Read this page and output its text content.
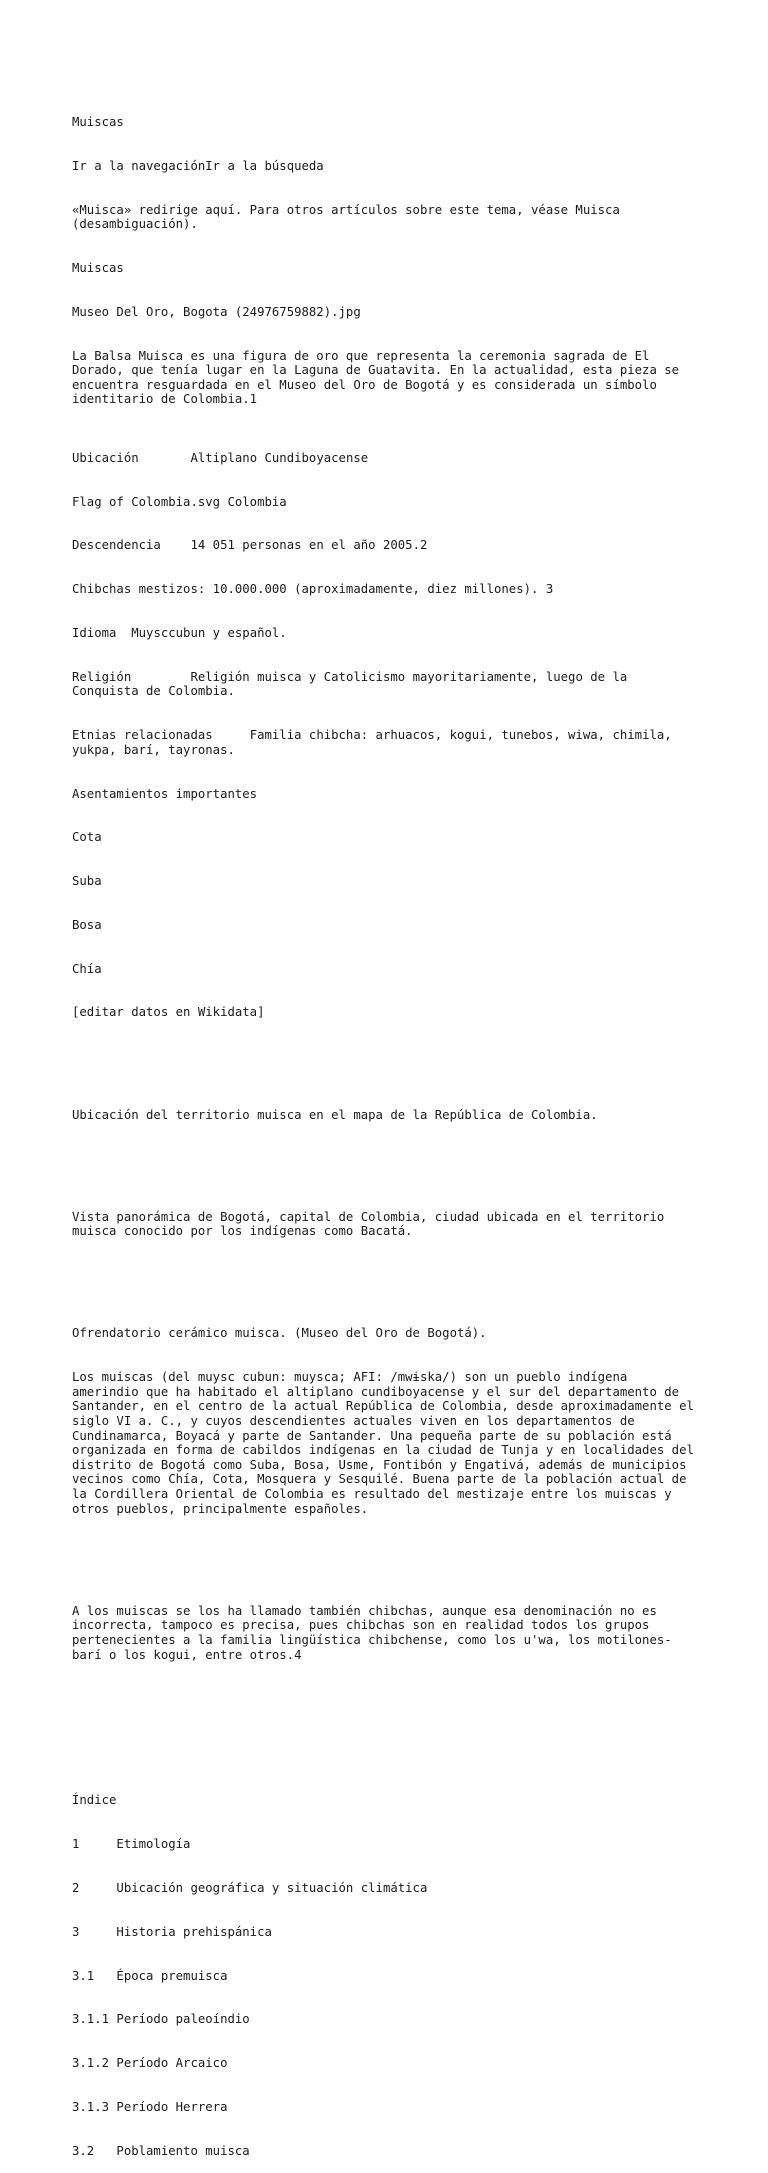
Muiscas

Ir a la navegaciónIr a la búsqueda

«Muisca» redirige aquí. Para otros artículos sobre este tema, véase Muisca (desambiguación).

Muiscas

Museo Del Oro, Bogota (24976759882).jpg

La Balsa Muisca es una figura de oro que representa la ceremonia sagrada de El Dorado, que tenía lugar en la Laguna de Guatavita. En la actualidad, esta pieza se encuentra resguardada en el Museo del Oro de Bogotá y es considerada un símbolo identitario de Colombia.1

Ubicación	Altiplano Cundiboyacense

Flag of Colombia.svg Colombia

Descendencia	14 051 personas en el año 2005.2

Chibchas mestizos: 10.000.000 (aproximadamente, diez millones). 3

Idioma	Muysccubun y español.

Religión	Religión muisca y Catolicismo mayoritariamente, luego de la Conquista de Colombia.

Etnias relacionadas	Familia chibcha: arhuacos, kogui, tunebos, wiwa, chimila, yukpa, barí, tayronas.

Asentamientos importantes

Cota

Suba

Bosa

Chía

[editar datos en Wikidata]

Ubicación del territorio muisca en el mapa de la República de Colombia.

Vista panorámica de Bogotá, capital de Colombia, ciudad ubicada en el territorio muisca conocido por los indígenas como Bacatá.

Ofrendatorio cerámico muisca. (Museo del Oro de Bogotá).

Los muiscas (del muysc cubun: muysca; AFI: /mwɨska/) son un pueblo indígena amerindio que ha habitado el altiplano cundiboyacense y el sur del departamento de Santander, en el centro de la actual República de Colombia, desde aproximadamente el siglo VI a. C., y cuyos descendientes actuales viven en los departamentos de Cundinamarca, Boyacá y parte de Santander. Una pequeña parte de su población está organizada en forma de cabildos indígenas en la ciudad de Tunja y en localidades del distrito de Bogotá como Suba, Bosa, Usme, Fontibón y Engativá, además de municipios vecinos como Chía, Cota, Mosquera y Sesquilé. Buena parte de la población actual de la Cordillera Oriental de Colombia es resultado del mestizaje entre los muiscas y otros pueblos, principalmente españoles.

A los muiscas se los ha llamado también chibchas, aunque esa denominación no es incorrecta, tampoco es precisa, pues chibchas son en realidad todos los grupos pertenecientes a la familia lingüística chibchense, como los u'wa, los motilones-barí o los kogui, entre otros.4

Índice

1     Etimología

2     Ubicación geográfica y situación climática

3     Historia prehispánica

3.1   Época premuisca

3.1.1 Período paleoíndio

3.1.2 Período Arcaico

3.1.3 Período Herrera

3.2   Poblamiento muisca
